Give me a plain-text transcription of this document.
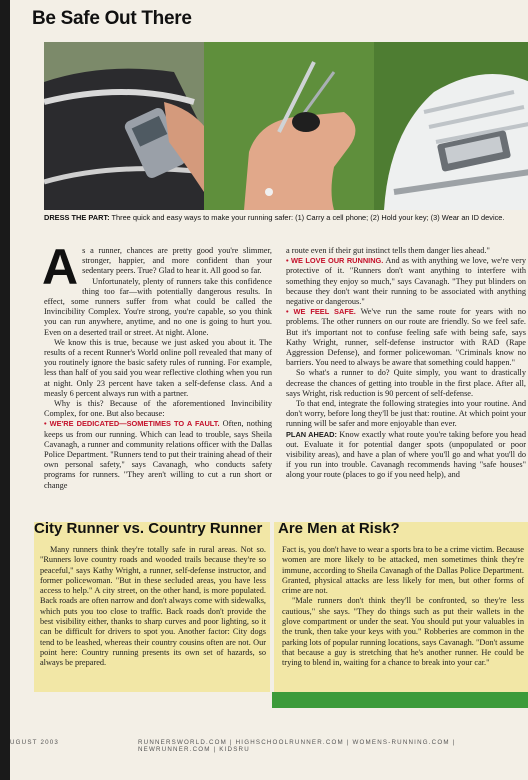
Be Safe Out There
DRESS THE PART: Three quick and easy ways to make your running safer: (1) Carry a cell phone; (2) Hold your key; (3) Wear an ID device.

As a runner, chances are pretty good you're slimmer, stronger, happier, and more confident than your sedentary peers. True? Glad to hear it. All good so far.

Unfortunately, plenty of runners take this confidence thing too far—with potentially dangerous results. In effect, some runners suffer from what could be called the Invincibility Complex. You're strong, you're capable, so you think you can run anywhere, anytime, and no one is going to hurt you. Even on a deserted trail or street. At night. Alone.

We know this is true, because we just asked you about it. The results of a recent Runner's World online poll revealed that many of you routinely ignore the basic safety rules of running. For example, less than half of you said you wear reflective clothing when you run at night. Only 23 percent have taken a self-defense class. And a measly 6 percent always run with a partner.

Why is this? Because of the aforementioned Invincibility Complex, for one. But also because:

• WE'RE DEDICATED—SOMETIMES TO A FAULT. Often, nothing keeps us from our running. Which can lead to trouble, says Sheila Cavanagh, a runner and community relations officer with the Dallas Police Department. "Runners tend to put their training ahead of their own personal safety," says Cavanagh, who conducts safety programs for runners. "They aren't willing to cut a run short or change

a route even if their gut instinct tells them danger lies ahead."

• WE LOVE OUR RUNNING. And as with anything we love, we're very protective of it. "Runners don't want anything to interfere with something they enjoy so much," says Cavanagh. "They put blinders on because they don't want their running to be associated with anything negative or dangerous."

• WE FEEL SAFE. We've run the same route for years with no problems. The other runners on our route are friendly. So we feel safe. But it's important not to confuse feeling safe with being safe, says Kathy Wright, runner, self-defense instructor with RAD (Rape Aggression Defense), and former policewoman. "Criminals know no barriers. You need to always be aware that something could happen."

So what's a runner to do? Quite simply, you want to drastically decrease the chances of getting into trouble in the first place. After all, says Wright, risk reduction is 90 percent of self-defense.

To that end, integrate the following strategies into your routine. And don't worry, before long they'll be just that: routine. At which point your running will be safer and more enjoyable than ever.

PLAN AHEAD: Know exactly what route you're taking before you head out. Evaluate it for potential danger spots (unpopulated or poor visibility areas), and have a plan of where you'll go and what you'll do if you run into trouble. Cavanagh recommends having "safe houses" along your route (places to go if you need help), and

City Runner vs. Country Runner

Many runners think they're totally safe in rural areas. Not so. "Runners love country roads and wooded trails because they're so peaceful," says Kathy Wright, a runner, self-defense instructor, and former policewoman. "But in these secluded areas, you have less access to help." A city street, on the other hand, is more populated. Back roads are often narrow and don't always come with sidewalks, which puts you too close to traffic. Back roads don't provide the best visibility either, thanks to sharp curves and poor lighting, so it can be difficult for drivers to spot you. Another factor: City dogs tend to be leashed, whereas their country cousins often are not. Our point here: Country running presents its own set of hazards, so always be prepared.

Are Men at Risk?

Fact is, you don't have to wear a sports bra to be a crime victim. Because women are more likely to be attacked, men sometimes think they're immune, according to Sheila Cavanagh of the Dallas Police Department. Granted, physical attacks are less likely for men, but other forms of crime are not.

"Male runners don't think they'll be confronted, so they're less cautious," she says. "They do things such as put their wallets in the glove compartment or under the seat. You should put your valuables in the trunk, then take your keys with you." Robberies are common in the parking lots of popular running locations, says Cavanagh. "Don't assume that because a guy is stretching that he's another runner. He could be trying to blend in, waiting for a chance to break into your car."

UGUST 2003	RUNNERSWORLD.COM | HIGHSCHOOLRUNNER.COM | WOMENS-RUNNING.COM | NEWRUNNER.COM | KIDSRU
